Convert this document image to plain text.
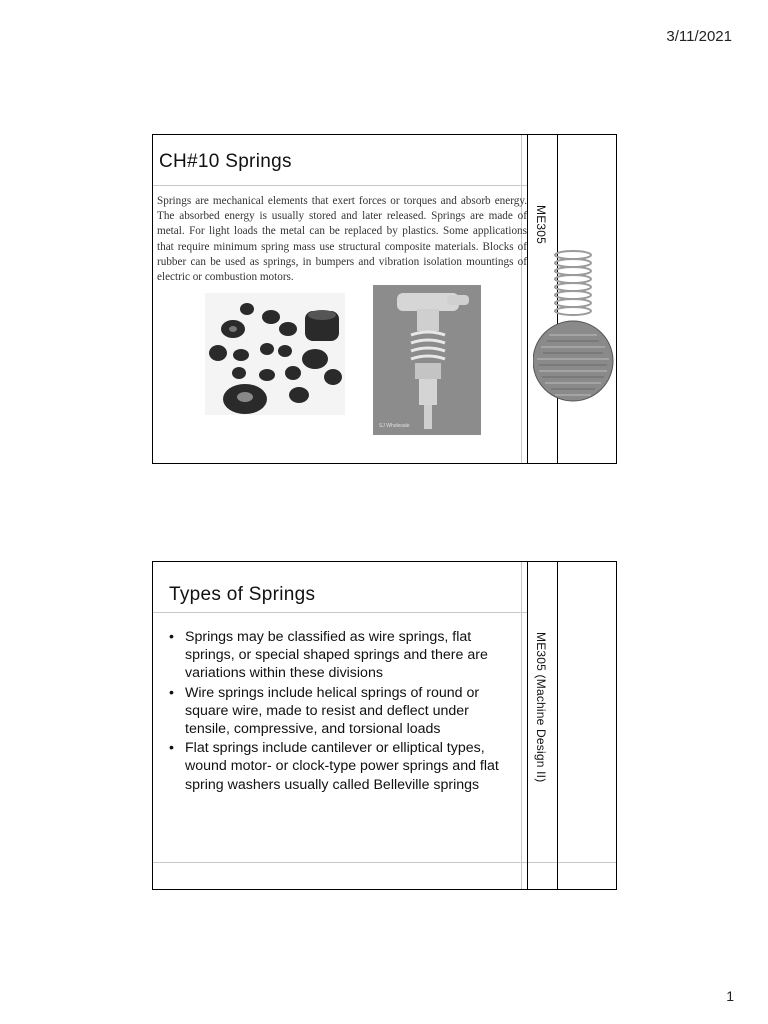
3/11/2021
CH#10 Springs
ME305
Springs are mechanical elements that exert forces or torques and absorb energy. The absorbed energy is usually stored and later released. Springs are made of metal. For light loads the metal can be replaced by plastics. Some applications that require minimum spring mass use structural composite materials. Blocks of rubber can be used as springs, in bumpers and vibration isolation mountings of electric or combustion motors.
SJ Wholesale
Types of Springs
ME305 (Machine Design II)
• Springs may be classified as wire springs, flat springs, or special shaped springs and there are variations within these divisions
• Wire springs include helical springs of round or square wire, made to resist and deflect under tensile, compressive, and torsional loads
• Flat springs include cantilever or elliptical types, wound motor- or clock-type power springs and flat spring washers usually called Belleville springs
1
